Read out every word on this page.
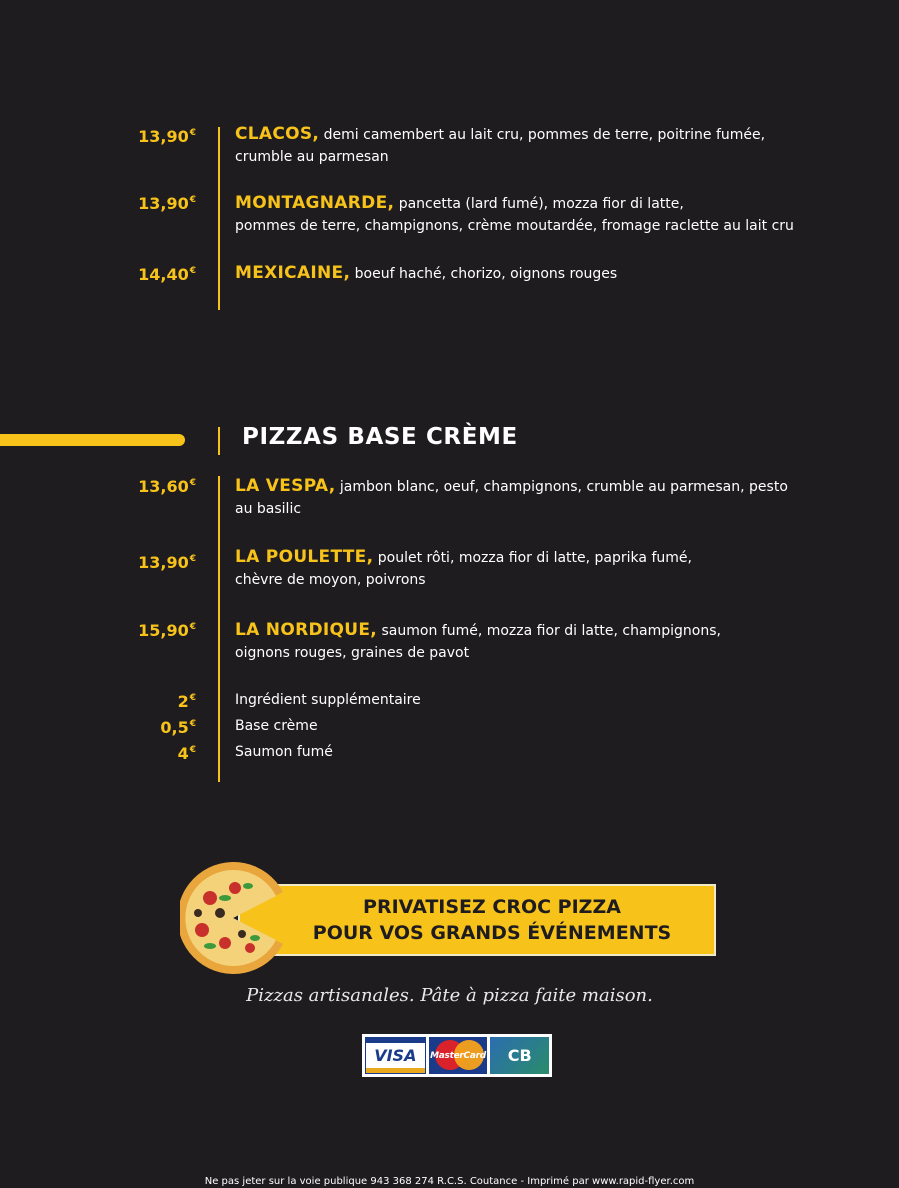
13,90€ CLACOS, demi camembert au lait cru, pommes de terre, poitrine fumée,
crumble au parmesan
13,90€ MONTAGNARDE, pancetta (lard fumé), mozza fior di latte,
pommes de terre, champignons, crème moutardée, fromage raclette au lait cru
14,40€ MEXICAINE, boeuf haché, chorizo, oignons rouges
PIZZAS BASE CRÈME
13,60€ LA VESPA, jambon blanc, oeuf, champignons, crumble au parmesan, pesto
au basilic
13,90€ LA POULETTE, poulet rôti, mozza fior di latte, paprika fumé,
chèvre de moyon, poivrons
15,90€ LA NORDIQUE, saumon fumé, mozza fior di latte, champignons,
oignons rouges, graines de pavot
2€	Ingrédient supplémentaire
0,5€	Base crème
4€	Saumon fumé
PRIVATISEZ CROC PIZZA
POUR VOS GRANDS ÉVÉNEMENTS
Pizzas artisanales. Pâte à pizza faite maison.
VISA MasterCard CB
Ne pas jeter sur la voie publique 943 368 274 R.C.S. Coutance - Imprimé par www.rapid-flyer.com
